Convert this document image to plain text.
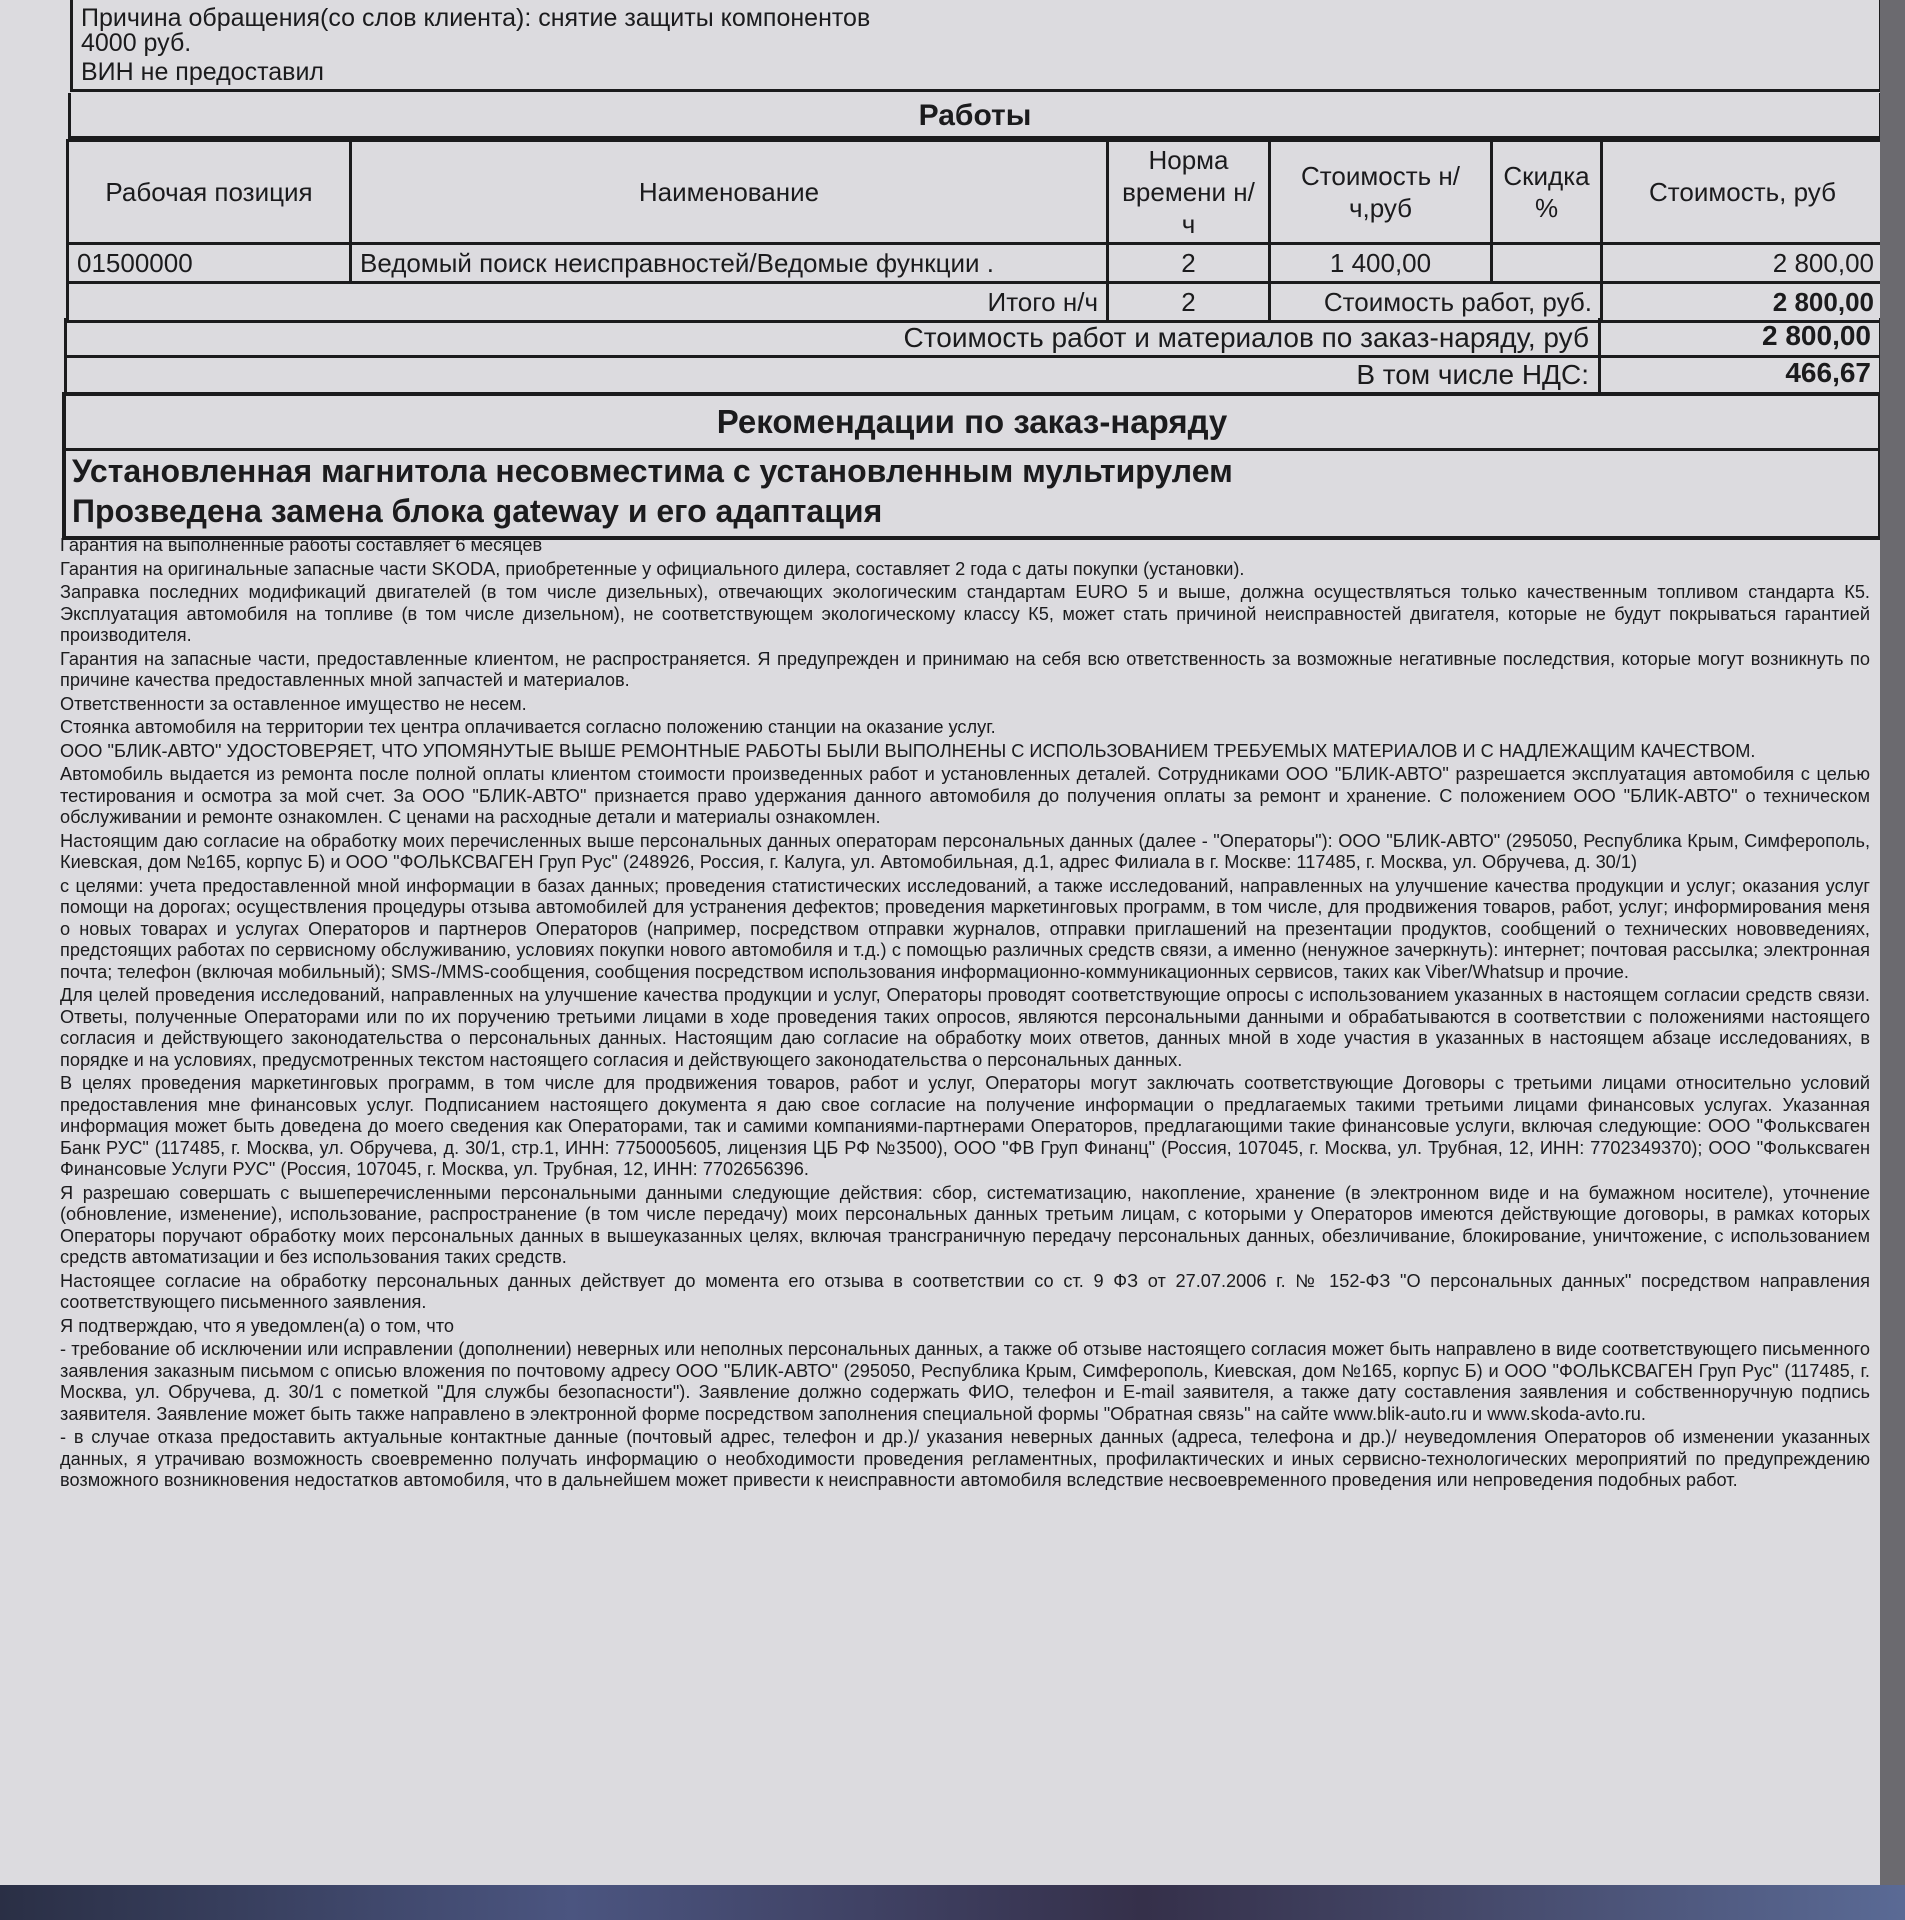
Причина обращения(со слов клиента): снятие защиты компонентов
4000 руб.
ВИН не предоставил
Работы
Рабочая позиция	Наименование	Норма времени н/ч	Стоимость н/ч,руб	Скидка %	Стоимость, руб
01500000	Ведомый поиск неисправностей/Ведомые функции .	2	1 400,00		2 800,00
Итого н/ч		2	Стоимость работ, руб.		2 800,00
Стоимость работ и материалов по заказ-наряду, руб	2 800,00
В том числе НДС:	466,67
Рекомендации по заказ-наряду
Установленная магнитола несовместима с установленным мультирулем
Прозведена замена блока gateway и его адаптация

Гарантия на выполненные работы составляет 6 месяцев

Гарантия на оригинальные запасные части SKODA, приобретенные у официального дилера, составляет 2 года с даты покупки (установки).

Заправка последних модификаций двигателей (в том числе дизельных), отвечающих экологическим стандартам EURO 5 и выше, должна осуществляться только качественным топливом стандарта К5. Эксплуатация автомобиля на топливе (в том числе дизельном), не соответствующем экологическому классу К5, может стать причиной неисправностей двигателя, которые не будут покрываться гарантией производителя.

Гарантия на запасные части, предоставленные клиентом, не распространяется. Я предупрежден и принимаю на себя всю ответственность за возможные негативные последствия, которые могут возникнуть по причине качества предоставленных мной запчастей и материалов.

Ответственности за оставленное имущество не несем.

Стоянка автомобиля на территории тех центра оплачивается согласно положению станции на оказание услуг.

ООО "БЛИК-АВТО" УДОСТОВЕРЯЕТ, ЧТО УПОМЯНУТЫЕ ВЫШЕ РЕМОНТНЫЕ РАБОТЫ БЫЛИ ВЫПОЛНЕНЫ С ИСПОЛЬЗОВАНИЕМ ТРЕБУЕМЫХ МАТЕРИАЛОВ И С НАДЛЕЖАЩИМ КАЧЕСТВОМ.

Автомобиль выдается из ремонта после полной оплаты клиентом стоимости произведенных работ и установленных деталей. Сотрудниками ООО "БЛИК-АВТО" разрешается эксплуатация автомобиля с целью тестирования и осмотра за мой счет. За ООО "БЛИК-АВТО" признается право удержания данного автомобиля до получения оплаты за ремонт и хранение. С положением ООО "БЛИК-АВТО" о техническом обслуживании и ремонте ознакомлен. С ценами на расходные детали и материалы ознакомлен.

Настоящим даю согласие на обработку моих перечисленных выше персональных данных операторам персональных данных (далее - "Операторы"): ООО "БЛИК-АВТО" (295050, Республика Крым, Симферополь, Киевская, дом №165, корпус Б) и ООО "ФОЛЬКСВАГЕН Груп Рус" (248926, Россия, г. Калуга, ул. Автомобильная, д.1, адрес Филиала в г. Москве: 117485, г. Москва, ул. Обручева, д. 30/1)

с целями: учета предоставленной мной информации в базах данных; проведения статистических исследований, а также исследований, направленных на улучшение качества продукции и услуг; оказания услуг помощи на дорогах; осуществления процедуры отзыва автомобилей для устранения дефектов; проведения маркетинговых программ, в том числе, для продвижения товаров, работ, услуг; информирования меня о новых товарах и услугах Операторов и партнеров Операторов (например, посредством отправки журналов, отправки приглашений на презентации продуктов, сообщений о технических нововведениях, предстоящих работах по сервисному обслуживанию, условиях покупки нового автомобиля и т.д.) с помощью различных средств связи, а именно (ненужное зачеркнуть): интернет; почтовая рассылка; электронная почта; телефон (включая мобильный); SMS-/MMS-сообщения, сообщения посредством использования информационно-коммуникационных сервисов, таких как Viber/Whatsup и прочие.

Для целей проведения исследований, направленных на улучшение качества продукции и услуг, Операторы проводят соответствующие опросы с использованием указанных в настоящем согласии средств связи. Ответы, полученные Операторами или по их поручению третьими лицами в ходе проведения таких опросов, являются персональными данными и обрабатываются в соответствии с положениями настоящего согласия и действующего законодательства о персональных данных. Настоящим даю согласие на обработку моих ответов, данных мной в ходе участия в указанных в настоящем абзаце исследованиях, в порядке и на условиях, предусмотренных текстом настоящего согласия и действующего законодательства о персональных данных.

В целях проведения маркетинговых программ, в том числе для продвижения товаров, работ и услуг, Операторы могут заключать соответствующие Договоры с третьими лицами относительно условий предоставления мне финансовых услуг. Подписанием настоящего документа я даю свое согласие на получение информации о предлагаемых такими третьими лицами финансовых услугах. Указанная информация может быть доведена до моего сведения как Операторами, так и самими компаниями-партнерами Операторов, предлагающими такие финансовые услуги, включая следующие: ООО "Фольксваген Банк РУС" (117485, г. Москва, ул. Обручева, д. 30/1, стр.1, ИНН: 7750005605, лицензия ЦБ РФ №3500), ООО "ФВ Груп Финанц" (Россия, 107045, г. Москва, ул. Трубная, 12, ИНН: 7702349370); ООО "Фольксваген Финансовые Услуги РУС" (Россия, 107045, г. Москва, ул. Трубная, 12, ИНН: 7702656396.

Я разрешаю совершать с вышеперечисленными персональными данными следующие действия: сбор, систематизацию, накопление, хранение (в электронном виде и на бумажном носителе), уточнение (обновление, изменение), использование, распространение (в том числе передачу) моих персональных данных третьим лицам, с которыми у Операторов имеются действующие договоры, в рамках которых Операторы поручают обработку моих персональных данных в вышеуказанных целях, включая трансграничную передачу персональных данных, обезличивание, блокирование, уничтожение, с использованием средств автоматизации и без использования таких средств.

Настоящее согласие на обработку персональных данных действует до момента его отзыва в соответствии со ст. 9 ФЗ от 27.07.2006 г. № 152-ФЗ "О персональных данных" посредством направления соответствующего письменного заявления.

Я подтверждаю, что я уведомлен(а) о том, что

- требование об исключении или исправлении (дополнении) неверных или неполных персональных данных, а также об отзыве настоящего согласия может быть направлено в виде соответствующего письменного заявления заказным письмом с описью вложения по почтовому адресу ООО "БЛИК-АВТО" (295050, Республика Крым, Симферополь, Киевская, дом №165, корпус Б) и ООО "ФОЛЬКСВАГЕН Груп Рус" (117485, г. Москва, ул. Обручева, д. 30/1 с пометкой "Для службы безопасности"). Заявление должно содержать ФИО, телефон и E-mail заявителя, а также дату составления заявления и собственноручную подпись заявителя. Заявление может быть также направлено в электронной форме посредством заполнения специальной формы "Обратная связь" на сайте www.blik-auto.ru и www.skoda-avto.ru.

- в случае отказа предоставить актуальные контактные данные (почтовый адрес, телефон и др.)/ указания неверных данных (адреса, телефона и др.)/ неуведомления Операторов об изменении указанных данных, я утрачиваю возможность своевременно получать информацию о необходимости проведения регламентных, профилактических и иных сервисно-технологических мероприятий по предупреждению возможного возникновения недостатков автомобиля, что в дальнейшем может привести к неисправности автомобиля вследствие несвоевременного проведения или непроведения подобных работ.
